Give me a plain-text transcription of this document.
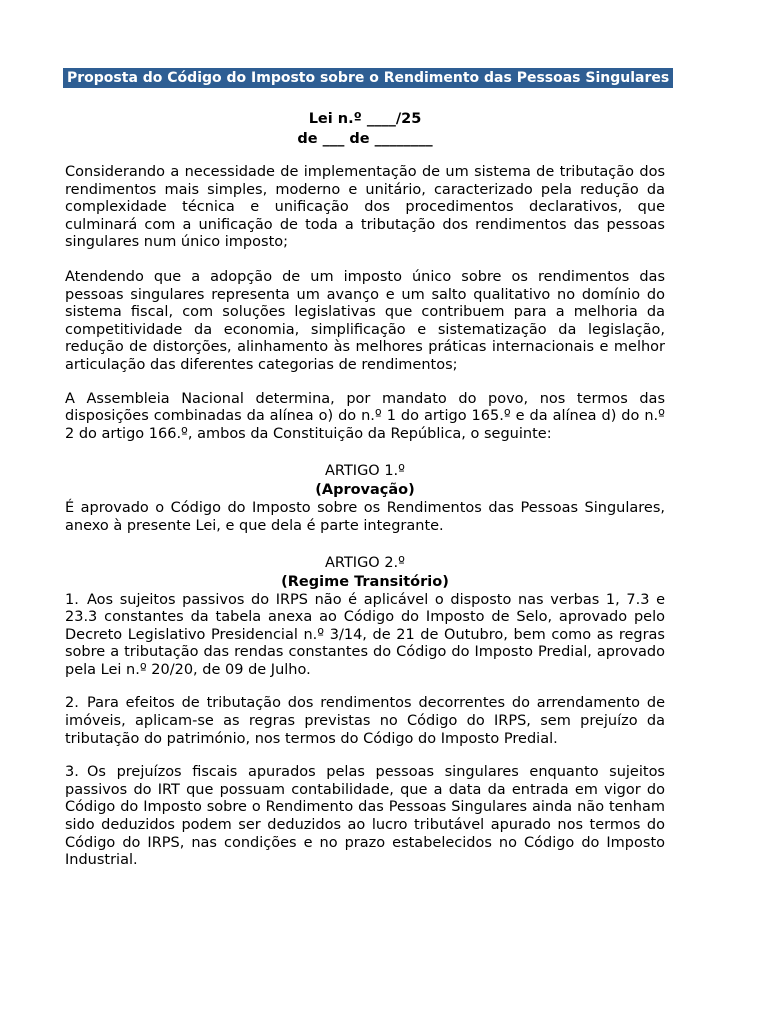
Proposta do Código do Imposto sobre o Rendimento das Pessoas Singulares
Lei n.º ____/25
de ___ de ________

Considerando a necessidade de implementação de um sistema de tributação dos rendimentos mais simples, moderno e unitário, caracterizado pela redução da complexidade técnica e unificação dos procedimentos declarativos, que culminará com a unificação de toda a tributação dos rendimentos das pessoas singulares num único imposto;

Atendendo que a adopção de um imposto único sobre os rendimentos das pessoas singulares representa um avanço e um salto qualitativo no domínio do sistema fiscal, com soluções legislativas que contribuem para a melhoria da competitividade da economia, simplificação e sistematização da legislação, redução de distorções, alinhamento às melhores práticas internacionais e melhor articulação das diferentes categorias de rendimentos;

A Assembleia Nacional determina, por mandato do povo, nos termos das disposições combinadas da alínea o) do n.º 1 do artigo 165.º e da alínea d) do n.º 2 do artigo 166.º, ambos da Constituição da República, o seguinte:

ARTIGO 1.º
(Aprovação)

É aprovado o Código do Imposto sobre os Rendimentos das Pessoas Singulares, anexo à presente Lei, e que dela é parte integrante.

ARTIGO 2.º
(Regime Transitório)

1. Aos sujeitos passivos do IRPS não é aplicável o disposto nas verbas 1, 7.3 e 23.3 constantes da tabela anexa ao Código do Imposto de Selo, aprovado pelo Decreto Legislativo Presidencial n.º 3/14, de 21 de Outubro, bem como as regras sobre a tributação das rendas constantes do Código do Imposto Predial, aprovado pela Lei n.º 20/20, de 09 de Julho.

2. Para efeitos de tributação dos rendimentos decorrentes do arrendamento de imóveis, aplicam-se as regras previstas no Código do IRPS, sem prejuízo da tributação do património, nos termos do Código do Imposto Predial.

3. Os prejuízos fiscais apurados pelas pessoas singulares enquanto sujeitos passivos do IRT que possuam contabilidade, que a data da entrada em vigor do Código do Imposto sobre o Rendimento das Pessoas Singulares ainda não tenham sido deduzidos podem ser deduzidos ao lucro tributável apurado nos termos do Código do IRPS, nas condições e no prazo estabelecidos no Código do Imposto Industrial.
